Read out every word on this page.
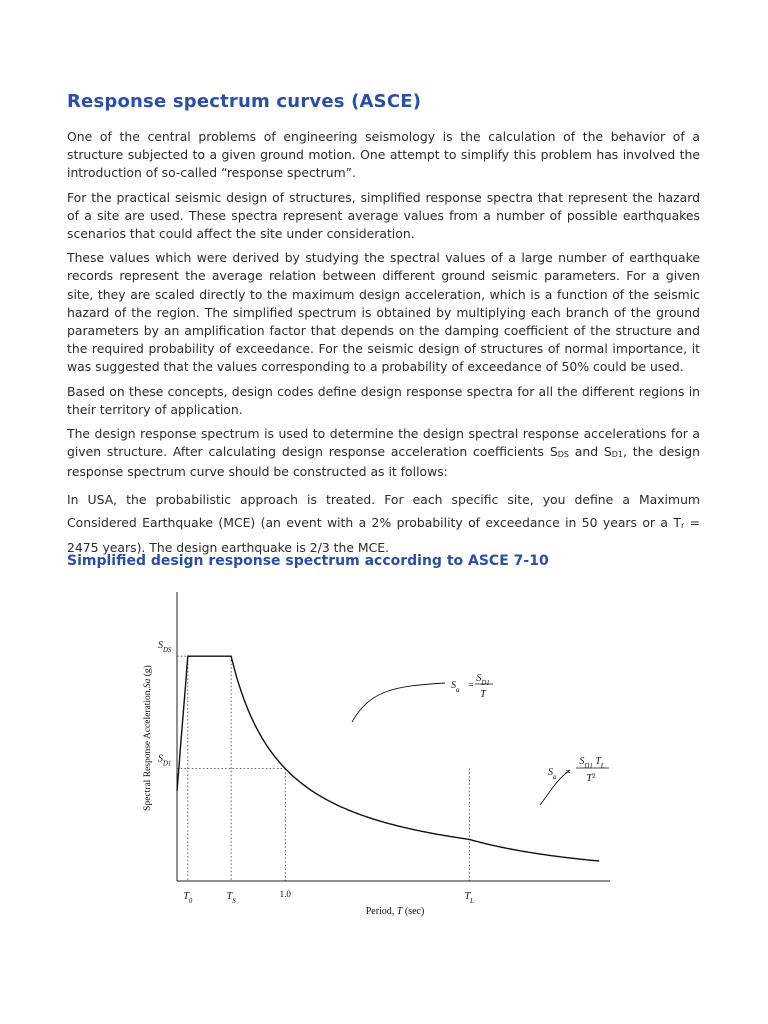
Response spectrum curves (ASCE)

One of the central problems of engineering seismology is the calculation of the behavior of a structure subjected to a given ground motion. One attempt to simplify this problem has involved the introduction of so-called “response spectrum”.

For the practical seismic design of structures, simplified response spectra that represent the hazard of a site are used. These spectra represent average values from a number of possible earthquakes scenarios that could affect the site under consideration.

These values which were derived by studying the spectral values of a large number of earthquake records represent the average relation between different ground seismic parameters. For a given site, they are scaled directly to the maximum design acceleration, which is a function of the seismic hazard of the region. The simplified spectrum is obtained by multiplying each branch of the ground parameters by an amplification factor that depends on the damping coefficient of the structure and the required probability of exceedance. For the seismic design of structures of normal importance, it was suggested that the values corresponding to a probability of exceedance of 50% could be used.

Based on these concepts, design codes define design response spectra for all the different regions in their territory of application.

The design response spectrum is used to determine the design spectral response accelerations for a given structure. After calculating design response acceleration coefficients $S_{DS}$ and $S_{D1}$, the design response spectrum curve should be constructed as it follows:

In USA, the probabilistic approach is treated. For each specific site, you define a Maximum Considered Earthquake (MCE) (an event with a 2% probability of exceedance in 50 years or a $T_r = 2475$ years). The design earthquake is 2/3 the MCE.

Simplified design response spectrum according to ASCE 7-10
$S_{DS}$
$S_{D1}$
$T_0$	$T_S$
1.0	$T_L$
Period, T (sec)
Spectral Response Acceleration,Sa (g)
$S_a$ =
$S_{D1}$
T
$S_a$ =
$S_{D1}$ $T_L$
$T^2$
